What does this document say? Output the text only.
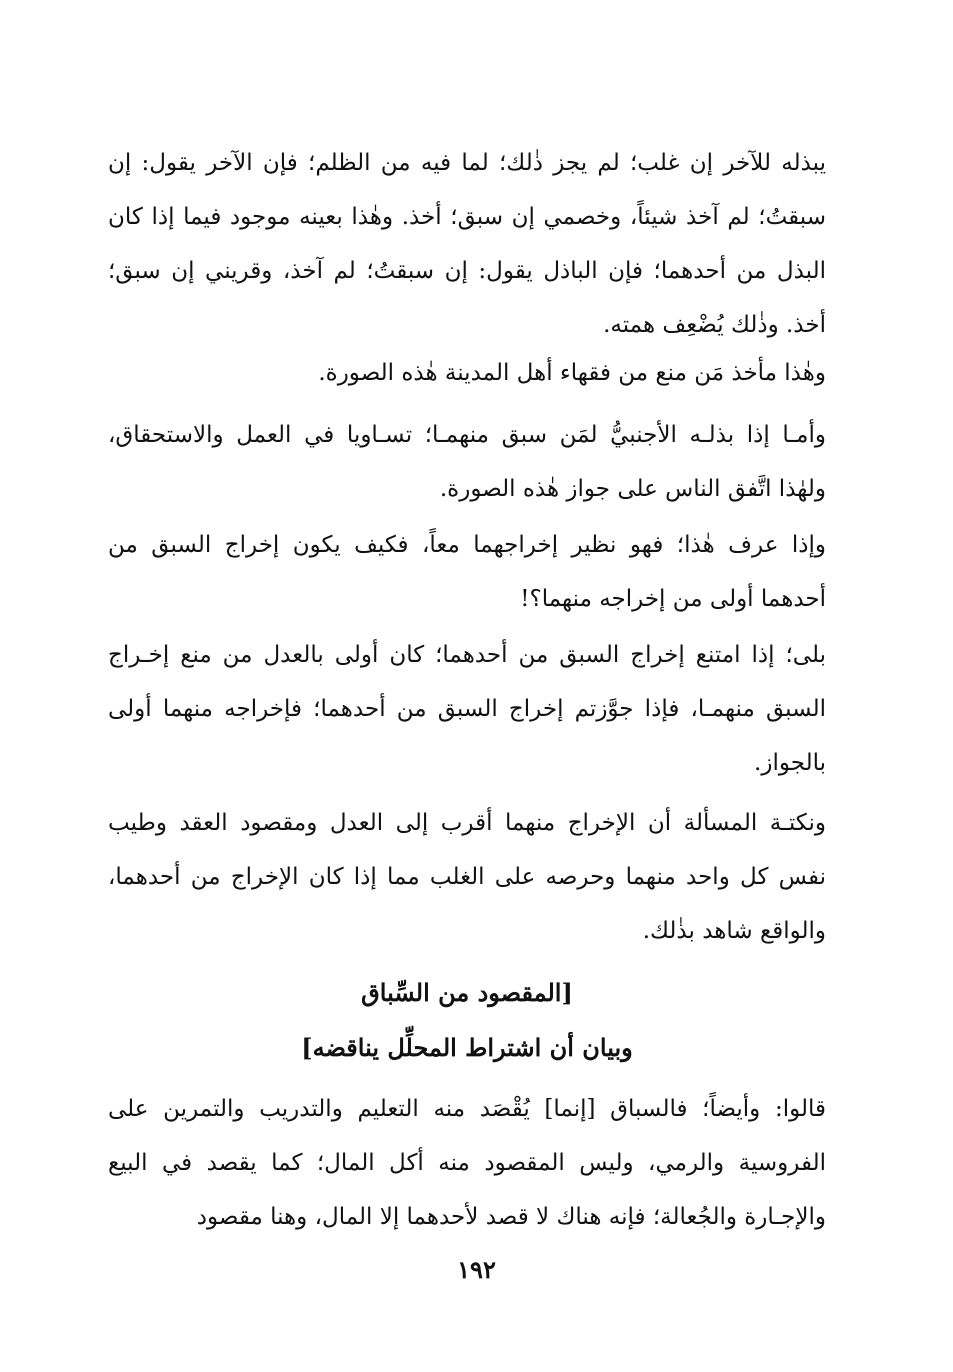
يبذله للآخر إن غلب؛ لم يجز ذٰلك؛ لما فيه من الظلم؛ فإن الآخر يقول: إن سبقتُ؛ لم آخذ شيئاً، وخصمي إن سبق؛ أخذ. وهٰذا بعينه موجود فيما إذا كان البذل من أحدهما؛ فإن الباذل يقول: إن سبقتُ؛ لم آخذ، وقريني إن سبق؛ أخذ. وذٰلك يُضْعِف همته.

وهٰذا مأخذ مَن منع من فقهاء أهل المدينة هٰذه الصورة.

وأمـا إذا بذلـه الأجنبيُّ لمَن سبق منهمـا؛ تسـاويا في العمل والاستحقاق، ولهٰذا اتَّفق الناس على جواز هٰذه الصورة.

وإذا عرف هٰذا؛ فهو نظير إخراجهما معاً، فكيف يكون إخراج السبق من أحدهما أولى من إخراجه منهما؟!

بلى؛ إذا امتنع إخراج السبق من أحدهما؛ كان أولى بالعدل من منع إخـراج السبق منهمـا، فإذا جوَّزتم إخراج السبق من أحدهما؛ فإخراجه منهما أولى بالجواز.

ونكتـة المسألة أن الإخراج منهما أقرب إلى العدل ومقصود العقد وطيب نفس كل واحد منهما وحرصه على الغلب مما إذا كان الإخراج من أحدهما، والواقع شاهد بذٰلك.

[المقصود من السِّباق

وبيان أن اشتراط المحلِّل يناقضه]

قالوا: وأيضاً؛ فالسباق [إنما] يُقْصَد منه التعليم والتدريب والتمرين على الفروسية والرمي، وليس المقصود منه أكل المال؛ كما يقصد في البيع والإجـارة والجُعالة؛ فإنه هناك لا قصد لأحدهما إلا المال، وهنا مقصود

١٩٢
